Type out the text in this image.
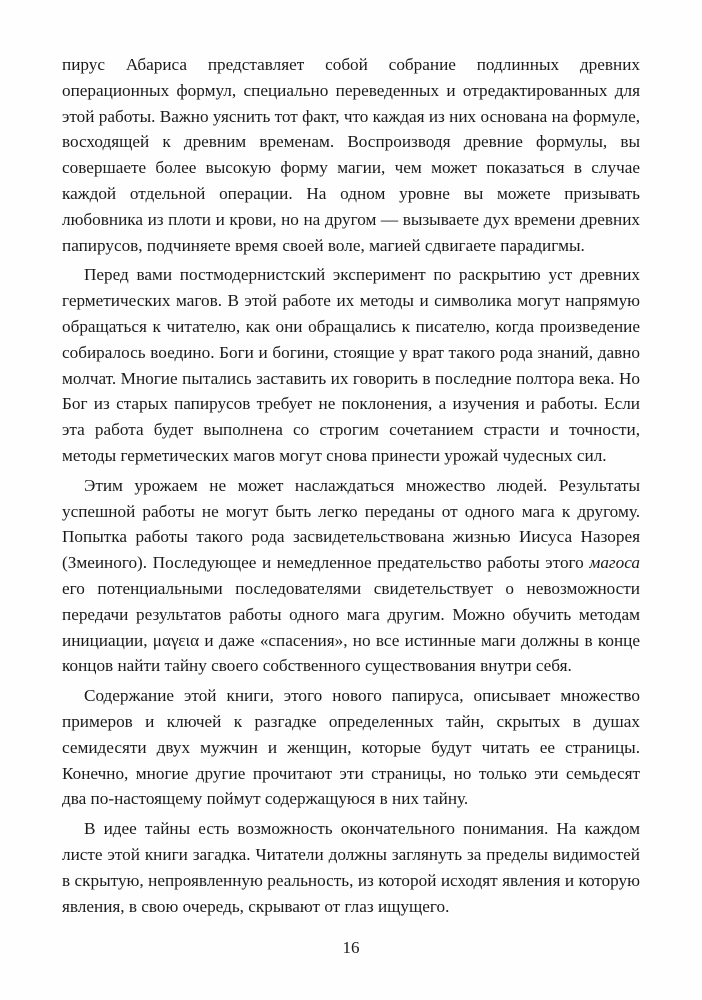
пирус Абариса представляет собой собрание подлинных древних операционных формул, специально переведенных и отредактированных для этой работы. Важно уяснить тот факт, что каждая из них основана на формуле, восходящей к древним временам. Воспроизводя древние формулы, вы совершаете более высокую форму магии, чем может показаться в случае каждой отдельной операции. На одном уровне вы можете призывать любовника из плоти и крови, но на другом — вызываете дух времени древних папирусов, подчиняете время своей воле, магией сдвигаете парадигмы.

Перед вами постмодернистский эксперимент по раскрытию уст древних герметических магов. В этой работе их методы и символика могут напрямую обращаться к читателю, как они обращались к писателю, когда произведение собиралось воедино. Боги и богини, стоящие у врат такого рода знаний, давно молчат. Многие пытались заставить их говорить в последние полтора века. Но Бог из старых папирусов требует не поклонения, а изучения и работы. Если эта работа будет выполнена со строгим сочетанием страсти и точности, методы герметических магов могут снова принести урожай чудесных сил.

Этим урожаем не может наслаждаться множество людей. Результаты успешной работы не могут быть легко переданы от одного мага к другому. Попытка работы такого рода засвидетельствована жизнью Иисуса Назорея (Змеиного). Последующее и немедленное предательство работы этого магоса его потенциальными последователями свидетельствует о невозможности передачи результатов работы одного мага другим. Можно обучить методам инициации, μαγεια и даже «спасения», но все истинные маги должны в конце концов найти тайну своего собственного существования внутри себя.

Содержание этой книги, этого нового папируса, описывает множество примеров и ключей к разгадке определенных тайн, скрытых в душах семидесяти двух мужчин и женщин, которые будут читать ее страницы. Конечно, многие другие прочитают эти страницы, но только эти семьдесят два по-настоящему поймут содержащуюся в них тайну.

В идее тайны есть возможность окончательного понимания. На каждом листе этой книги загадка. Читатели должны заглянуть за пределы видимостей в скрытую, непроявленную реальность, из которой исходят явления и которую явления, в свою очередь, скрывают от глаз ищущего.

16
